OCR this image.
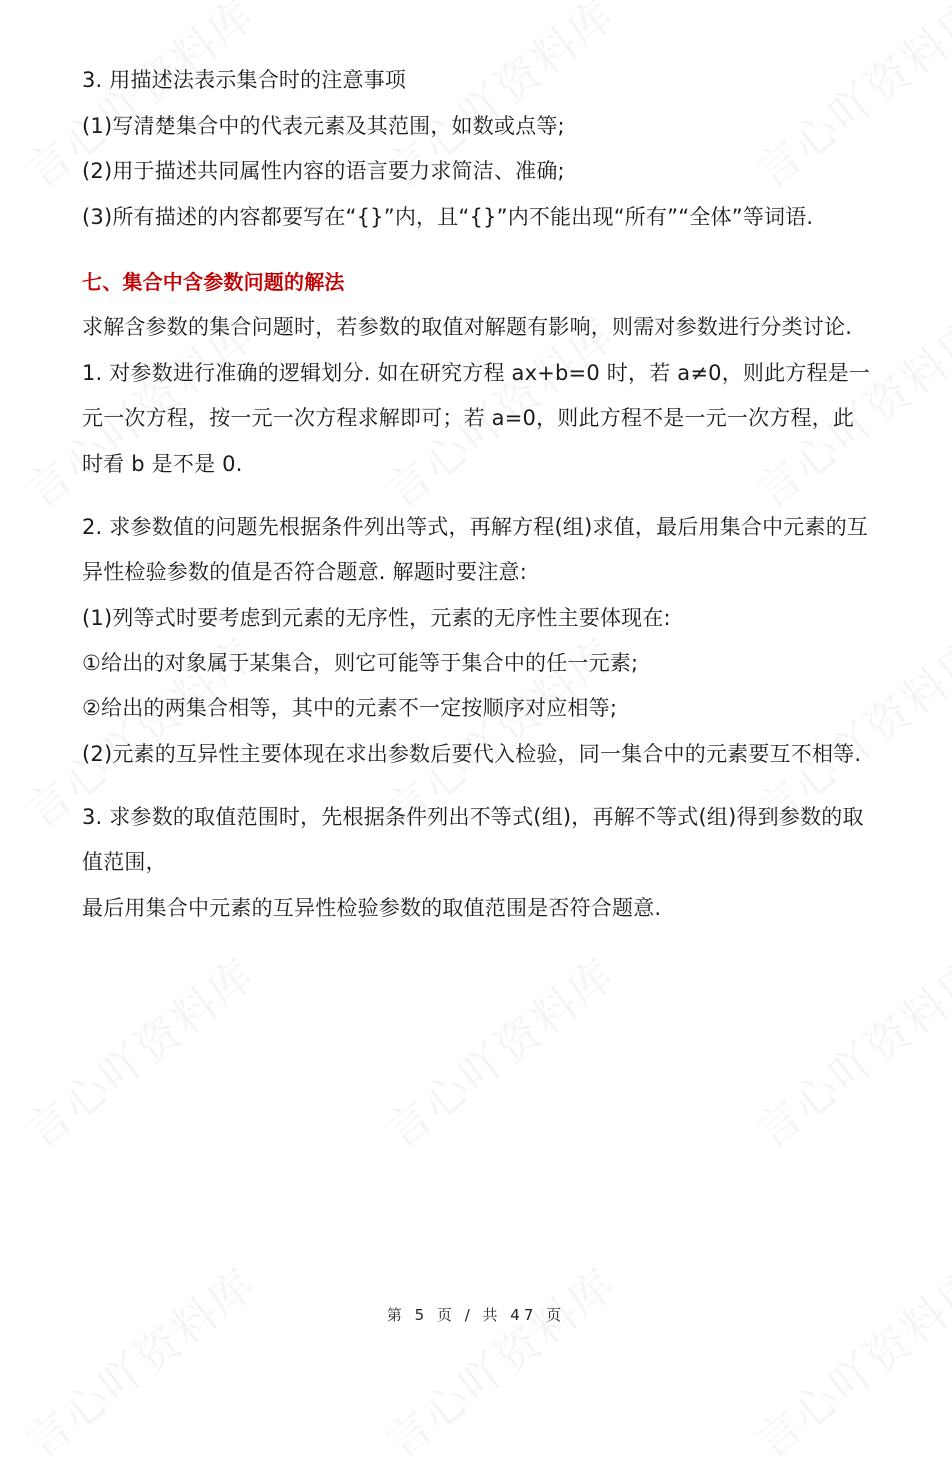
3. 用描述法表示集合时的注意事项
(1)写清楚集合中的代表元素及其范围，如数或点等;
(2)用于描述共同属性内容的语言要力求简洁、准确;
(3)所有描述的内容都要写在“{}”内，且“{}”内不能出现“所有”“全体”等词语.
七、集合中含参数问题的解法
求解含参数的集合问题时，若参数的取值对解题有影响，则需对参数进行分类讨论.
1. 对参数进行准确的逻辑划分. 如在研究方程 ax+b=0 时，若 a≠0，则此方程是一
元一次方程，按一元一次方程求解即可；若 a=0，则此方程不是一元一次方程，此
时看 b 是不是 0.
2. 求参数值的问题先根据条件列出等式，再解方程(组)求值，最后用集合中元素的互
异性检验参数的值是否符合题意. 解题时要注意:
(1)列等式时要考虑到元素的无序性，元素的无序性主要体现在:
①给出的对象属于某集合，则它可能等于集合中的任一元素;
②给出的两集合相等，其中的元素不一定按顺序对应相等;
(2)元素的互异性主要体现在求出参数后要代入检验，同一集合中的元素要互不相等.
3. 求参数的取值范围时，先根据条件列出不等式(组)，再解不等式(组)得到参数的取
值范围，
最后用集合中元素的互异性检验参数的取值范围是否符合题意.
第 5 页 / 共 47 页
